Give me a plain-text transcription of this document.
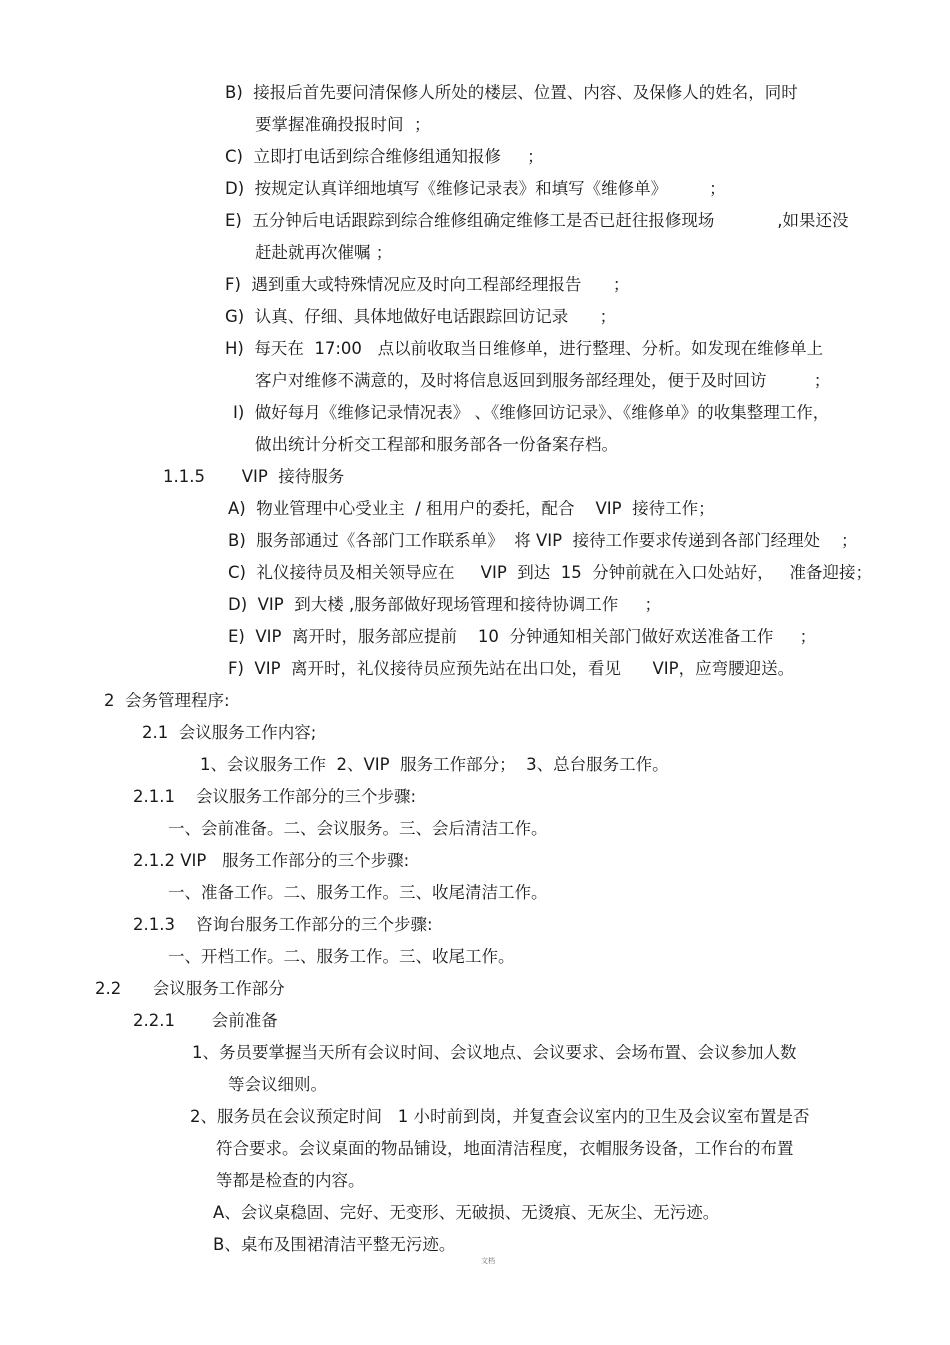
B)  接报后首先要问清保修人所处的楼层、位置、内容、及保修人的姓名，同时
要掌握准确投报时间  ；
C)  立即打电话到综合维修组通知报修     ；
D)  按规定认真详细地填写《维修记录表》和填写《维修单》        ；
E)  五分钟后电话跟踪到综合维修组确定维修工是否已赶往报修现场            ,如果还没
赶赴就再次催嘱 ；
F)  遇到重大或特殊情况应及时向工程部经理报告      ；
G)  认真、仔细、具体地做好电话跟踪回访记录      ；
H)  每天在  17:00   点以前收取当日维修单，进行整理、分析。如发现在维修单上
客户对维修不满意的，及时将信息返回到服务部经理处，便于及时回访         ；
I)  做好每月《维修记录情况表》 、《维修回访记录》、《维修单》的收集整理工作，
做出统计分析交工程部和服务部各一份备案存档。
1.1.5       VIP  接待服务
A)  物业管理中心受业主  / 租用户的委托，配合    VIP  接待工作；
B)  服务部通过《各部门工作联系单》  将 VIP  接待工作要求传递到各部门经理处    ；
C)  礼仪接待员及相关领导应在     VIP  到达  15  分钟前就在入口处站好，   准备迎接；
D)  VIP  到大楼 ,服务部做好现场管理和接待协调工作     ；
E)  VIP  离开时，服务部应提前    10  分钟通知相关部门做好欢送准备工作     ；
F)  VIP  离开时，礼仪接待员应预先站在出口处，看见      VIP，应弯腰迎送。
2  会务管理程序:
2.1  会议服务工作内容;
1、会议服务工作  2、VIP  服务工作部分；  3、总台服务工作。
2.1.1    会议服务工作部分的三个步骤:
一、会前准备。二、会议服务。三、会后清洁工作。
2.1.2 VIP   服务工作部分的三个步骤:
一、准备工作。二、服务工作。三、收尾清洁工作。
2.1.3    咨询台服务工作部分的三个步骤:
一、开档工作。二、服务工作。三、收尾工作。
2.2      会议服务工作部分
2.2.1       会前准备
1、务员要掌握当天所有会议时间、会议地点、会议要求、会场布置、会议参加人数
等会议细则。
2、服务员在会议预定时间   1 小时前到岗，并复查会议室内的卫生及会议室布置是否
符合要求。会议桌面的物品铺设，地面清洁程度，衣帽服务设备，工作台的布置
等都是检查的内容。
A、会议桌稳固、完好、无变形、无破损、无烫痕、无灰尘、无污迹。
B、桌布及围裙清洁平整无污迹。
文档
